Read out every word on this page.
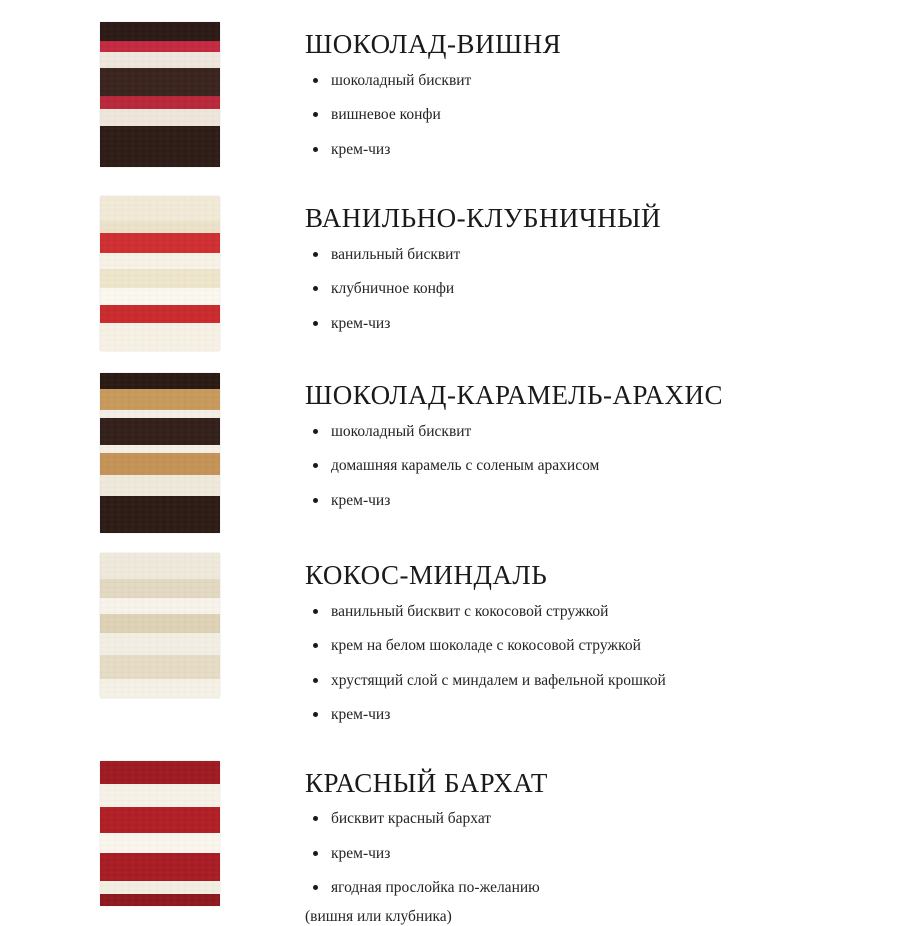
ШОКОЛАД-ВИШНЯ
шоколадный бисквит
вишневое конфи
крем-чиз
ВАНИЛЬНО-КЛУБНИЧНЫЙ
ванильный бисквит
клубничное конфи
крем-чиз
ШОКОЛАД-КАРАМЕЛЬ-АРАХИС
шоколадный бисквит
домашняя карамель с соленым арахисом
крем-чиз
КОКОС-МИНДАЛЬ
ванильный бисквит с кокосовой стружкой
крем на белом шоколаде с кокосовой стружкой
хрустящий слой с миндалем и вафельной крошкой
крем-чиз
КРАСНЫЙ БАРХАТ
бисквит красный бархат
крем-чиз
ягодная прослойка по-желанию
(вишня или клубника)
